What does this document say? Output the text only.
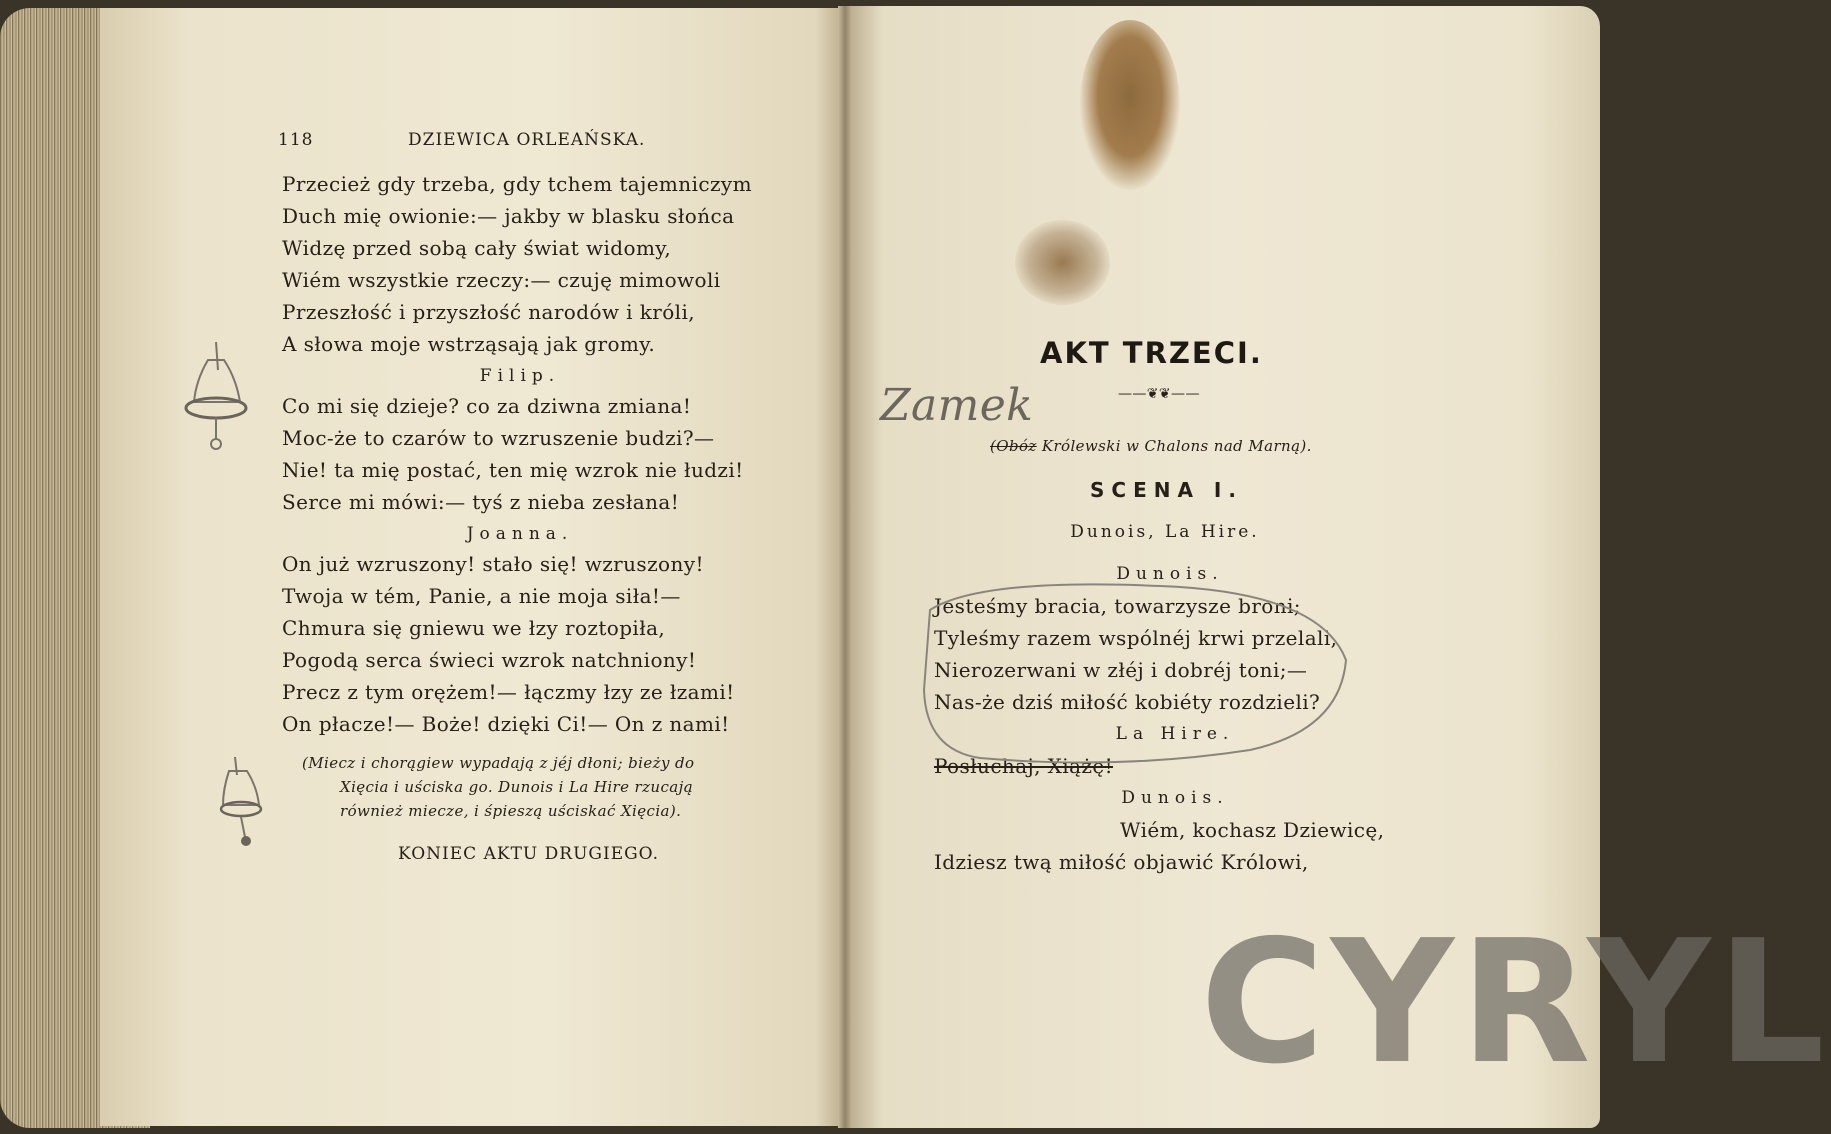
118	DZIEWICA ORLEAŃSKA.
Przecież gdy trzeba, gdy tchem tajemniczym
Duch mię owionie:— jakby w blasku słońca
Widzę przed sobą cały świat widomy,
Wiém wszystkie rzeczy:— czuję mimowoli
Przeszłość i przyszłość narodów i króli,
A słowa moje wstrząsają jak gromy.
Filip.
Co mi się dzieje? co za dziwna zmiana!
Moc-że to czarów to wzruszenie budzi?—
Nie! ta mię postać, ten mię wzrok nie łudzi!
Serce mi mówi:— tyś z nieba zesłana!
Joanna.
On już wzruszony! stało się! wzruszony!
Twoja w tém, Panie, a nie moja siła!—
Chmura się gniewu we łzy roztopiła,
Pogodą serca świeci wzrok natchniony!
Precz z tym orężem!— łączmy łzy ze łzami!
On płacze!— Boże! dzięki Ci!— On z nami!
(Miecz i chorągiew wypadają z jéj dłoni; bieży do
Xięcia i uściska go. Dunois i La Hire rzucają
również miecze, i śpieszą uściskać Xięcia).
KONIEC AKTU DRUGIEGO.
AKT TRZECI.
——❦❦——
Zamek
(Obóz Królewski w Chalons nad Marną).
SCENA I.
Dunois, La Hire.
Dunois.
Jesteśmy bracia, towarzysze broni;
Tyleśmy razem wspólnéj krwi przelali,
Nierozerwani w złéj i dobréj toni;—
Nas-że dziś miłość kobiéty rozdzieli?
La Hire.
Posłuchaj, Xiążę!
Dunois.
Wiém, kochasz Dziewicę,
Idziesz twą miłość objawić Królowi,
CYRYL
